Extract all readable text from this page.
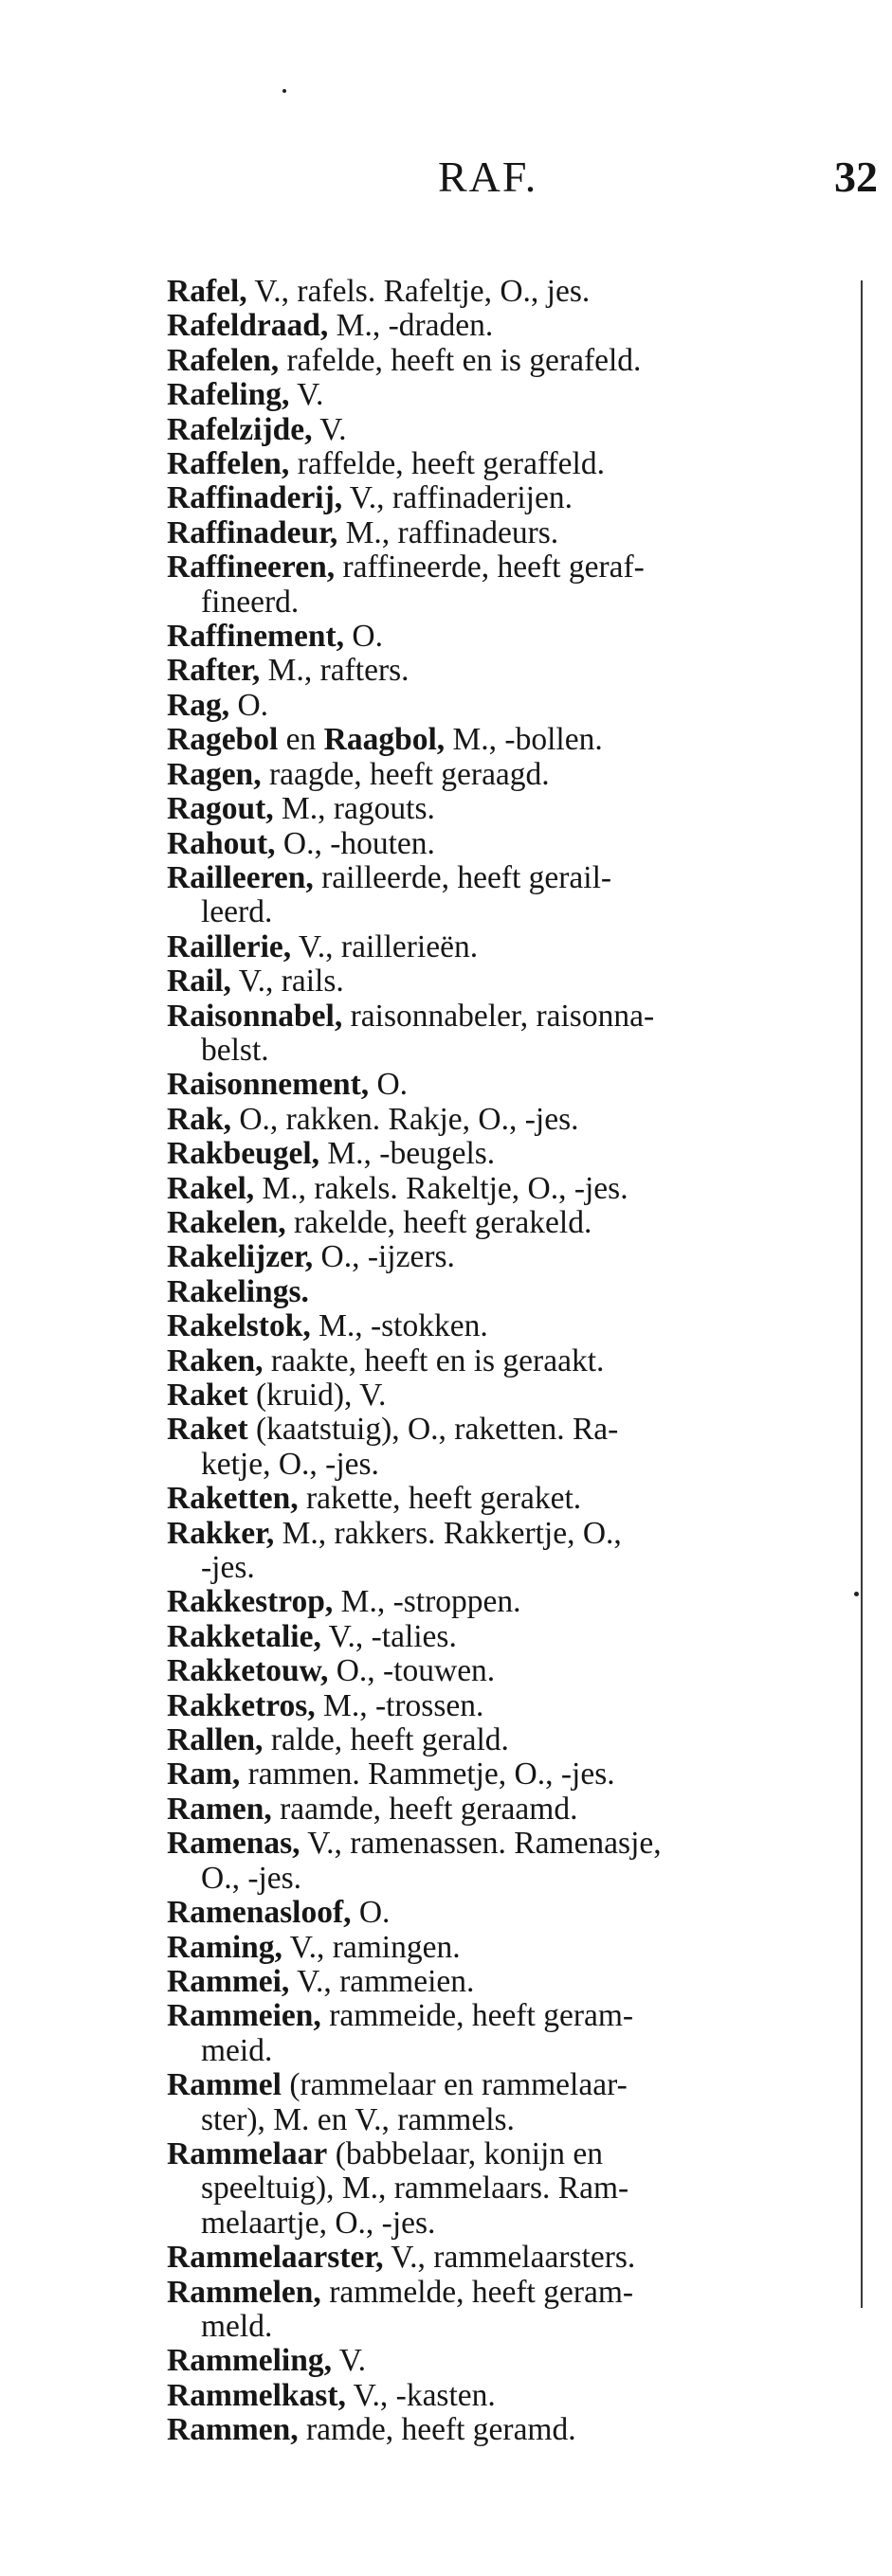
RAF.	32
Rafel, V., rafels. Rafeltje, O., jes.
Rafeldraad, M., -draden.
Rafelen, rafelde, heeft en is gerafeld.
Rafeling, V.
Rafelzijde, V.
Raffelen, raffelde, heeft geraffeld.
Raffinaderij, V., raffinaderijen.
Raffinadeur, M., raffinadeurs.
Raffineeren, raffineerde, heeft geraf-
fineerd.
Raffinement, O.
Rafter, M., rafters.
Rag, O.
Ragebol en Raagbol, M., -bollen.
Ragen, raagde, heeft geraagd.
Ragout, M., ragouts.
Rahout, O., -houten.
Railleeren, railleerde, heeft gerail-
leerd.
Raillerie, V., raillerieën.
Rail, V., rails.
Raisonnabel, raisonnabeler, raisonna-
belst.
Raisonnement, O.
Rak, O., rakken. Rakje, O., -jes.
Rakbeugel, M., -beugels.
Rakel, M., rakels. Rakeltje, O., -jes.
Rakelen, rakelde, heeft gerakeld.
Rakelijzer, O., -ijzers.
Rakelings.
Rakelstok, M., -stokken.
Raken, raakte, heeft en is geraakt.
Raket (kruid), V.
Raket (kaatstuig), O., raketten. Ra-
ketje, O., -jes.
Raketten, rakette, heeft geraket.
Rakker, M., rakkers. Rakkertje, O.,
-jes.
Rakkestrop, M., -stroppen.
Rakketalie, V., -talies.
Rakketouw, O., -touwen.
Rakketros, M., -trossen.
Rallen, ralde, heeft gerald.
Ram, rammen. Rammetje, O., -jes.
Ramen, raamde, heeft geraamd.
Ramenas, V., ramenassen. Ramenasje,
O., -jes.
Ramenasloof, O.
Raming, V., ramingen.
Rammei, V., rammeien.
Rammeien, rammeide, heeft geram-
meid.
Rammel (rammelaar en rammelaar-
ster), M. en V., rammels.
Rammelaar (babbelaar, konijn en
speeltuig), M., rammelaars. Ram-
melaartje, O., -jes.
Rammelaarster, V., rammelaarsters.
Rammelen, rammelde, heeft geram-
meld.
Rammeling, V.
Rammelkast, V., -kasten.
Rammen, ramde, heeft geramd.
